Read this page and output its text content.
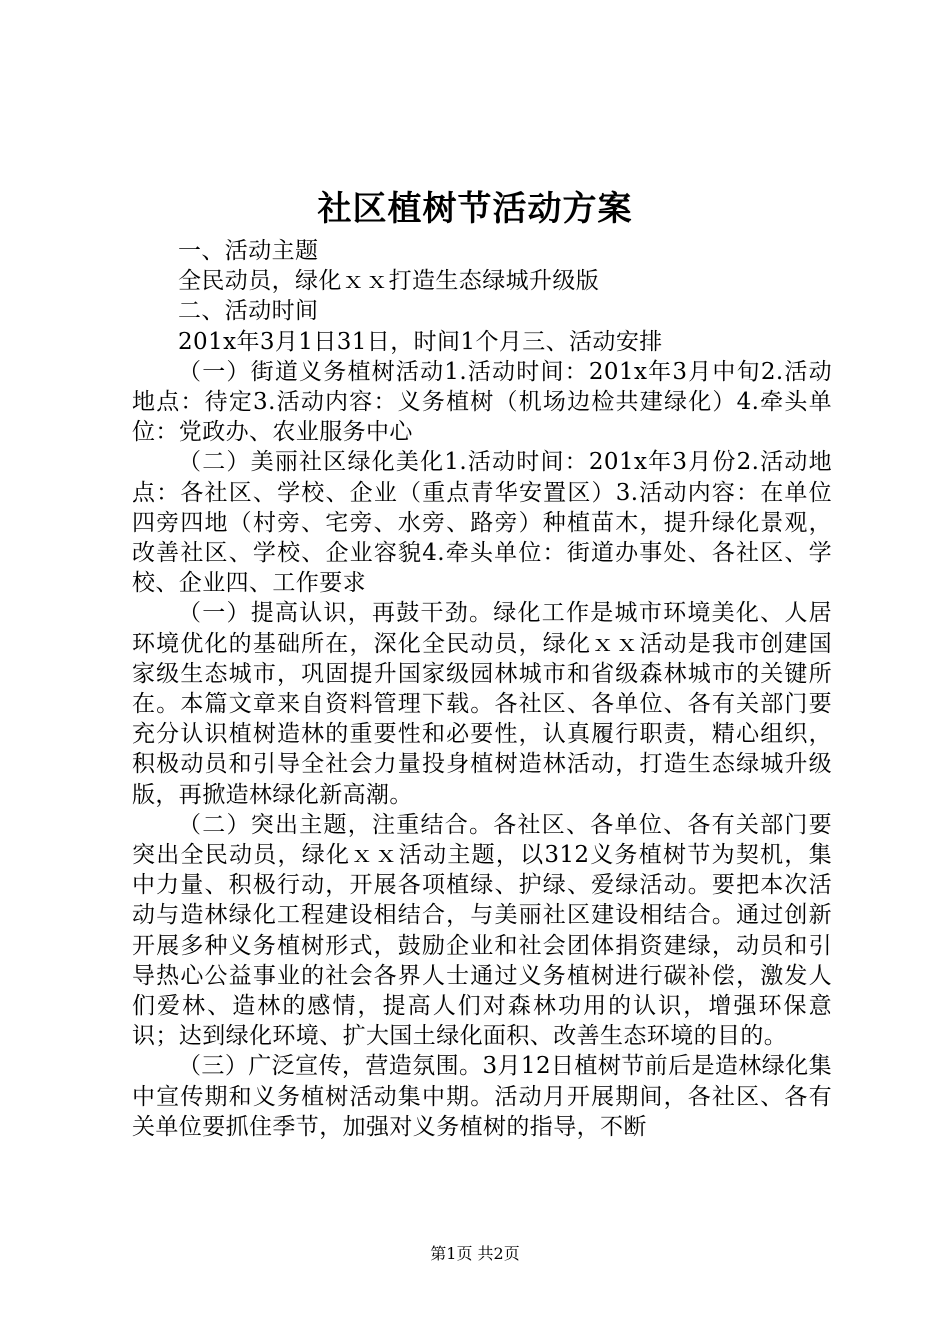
社区植树节活动方案

一、活动主题

全民动员，绿化ｘｘ打造生态绿城升级版

二、活动时间

201x年3月1日31日，时间1个月三、活动安排

（一）街道义务植树活动1.活动时间：201x年3月中旬2.活动地点：待定3.活动内容：义务植树（机场边检共建绿化）4.牵头单位：党政办、农业服务中心

（二）美丽社区绿化美化1.活动时间：201x年3月份2.活动地点：各社区、学校、企业（重点青华安置区）3.活动内容：在单位四旁四地（村旁、宅旁、水旁、路旁）种植苗木，提升绿化景观，改善社区、学校、企业容貌4.牵头单位：街道办事处、各社区、学校、企业四、工作要求

（一）提高认识，再鼓干劲。绿化工作是城市环境美化、人居环境优化的基础所在，深化全民动员，绿化ｘｘ活动是我市创建国家级生态城市，巩固提升国家级园林城市和省级森林城市的关键所在。本篇文章来自资料管理下载。各社区、各单位、各有关部门要充分认识植树造林的重要性和必要性，认真履行职责，精心组织，积极动员和引导全社会力量投身植树造林活动，打造生态绿城升级版，再掀造林绿化新高潮。

（二）突出主题，注重结合。各社区、各单位、各有关部门要突出全民动员，绿化ｘｘ活动主题，以312义务植树节为契机，集中力量、积极行动，开展各项植绿、护绿、爱绿活动。要把本次活动与造林绿化工程建设相结合，与美丽社区建设相结合。通过创新开展多种义务植树形式，鼓励企业和社会团体捐资建绿，动员和引导热心公益事业的社会各界人士通过义务植树进行碳补偿，激发人们爱林、造林的感情，提高人们对森林功用的认识，增强环保意识；达到绿化环境、扩大国土绿化面积、改善生态环境的目的。

（三）广泛宣传，营造氛围。3月12日植树节前后是造林绿化集中宣传期和义务植树活动集中期。活动月开展期间，各社区、各有关单位要抓住季节，加强对义务植树的指导，不断

第1页 共2页
